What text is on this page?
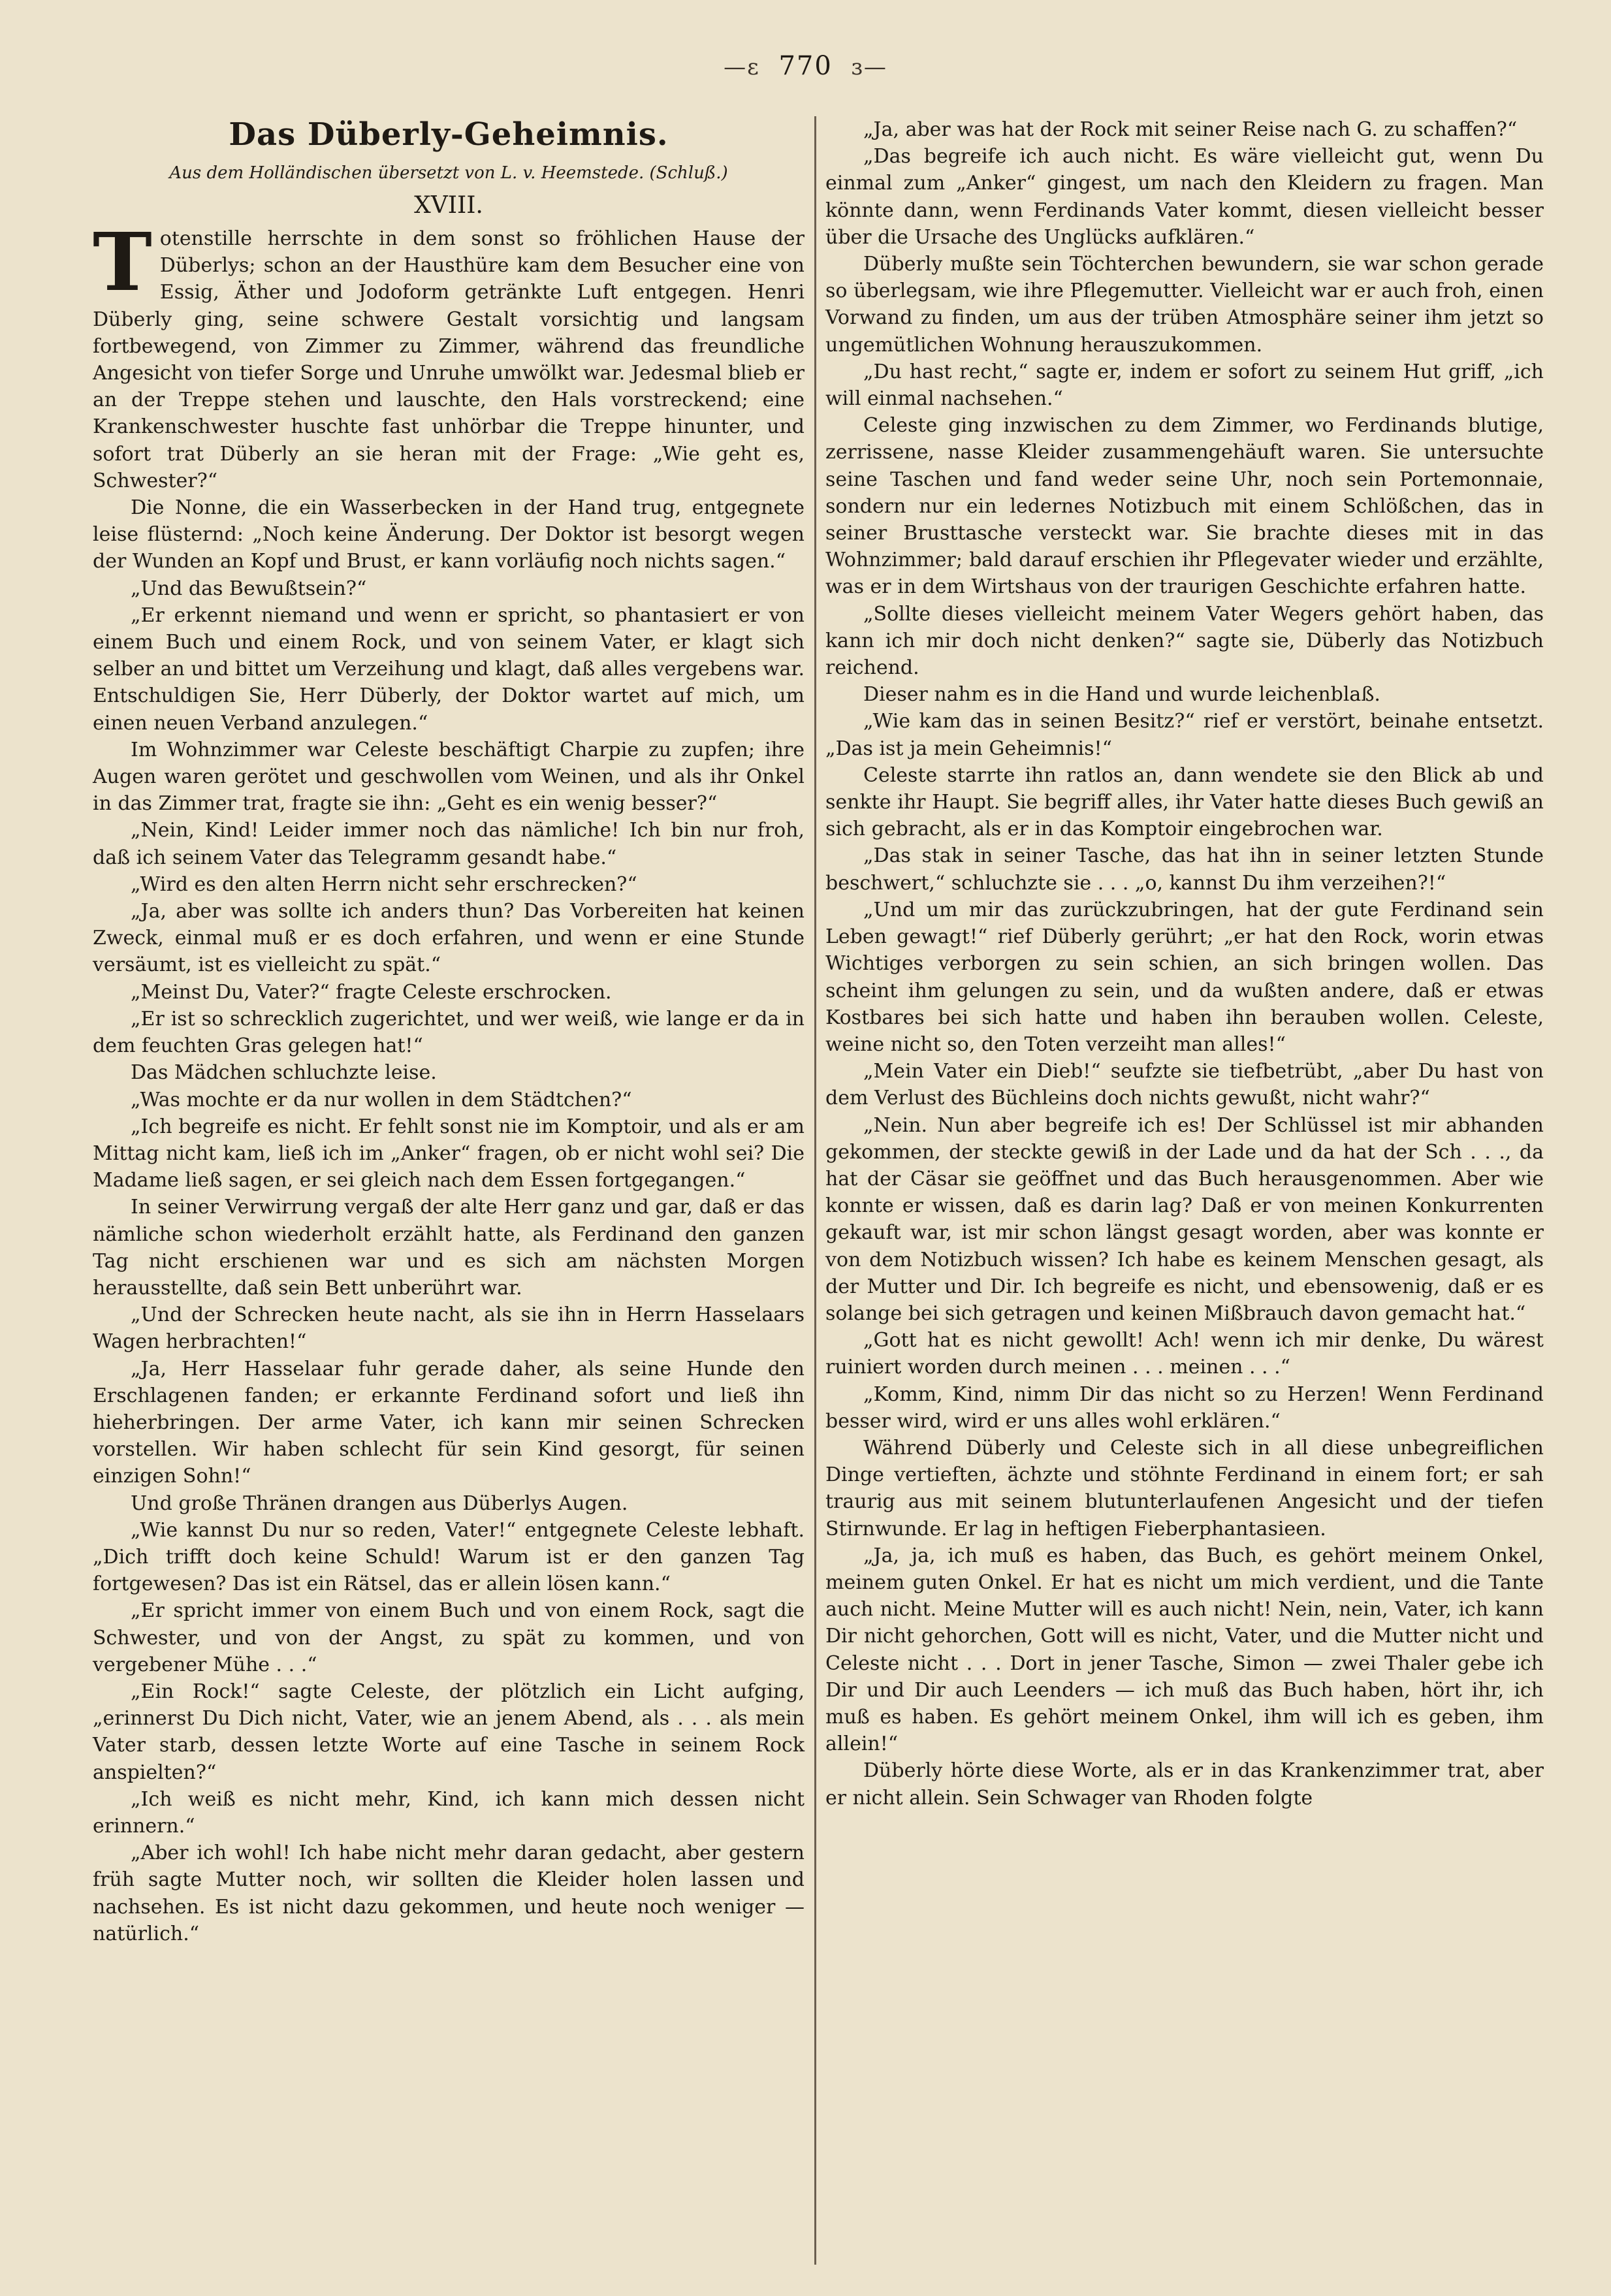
—ε 770 ɜ—
Das Düberly-Geheimnis.
Aus dem Holländischen übersetzt von L. v. Heemstede. (Schluß.)
XVIII.

Totenstille herrschte in dem sonst so fröhlichen Hause der Düberlys; schon an der Hausthüre kam dem Besucher eine von Essig, Äther und Jodoform getränkte Luft entgegen. Henri Düberly ging, seine schwere Gestalt vorsichtig und langsam fortbewegend, von Zimmer zu Zimmer, während das freundliche Angesicht von tiefer Sorge und Unruhe umwölkt war. Jedesmal blieb er an der Treppe stehen und lauschte, den Hals vorstreckend; eine Krankenschwester huschte fast unhörbar die Treppe hinunter, und sofort trat Düberly an sie heran mit der Frage: „Wie geht es, Schwester?“

Die Nonne, die ein Wasserbecken in der Hand trug, entgegnete leise flüsternd: „Noch keine Änderung. Der Doktor ist besorgt wegen der Wunden an Kopf und Brust, er kann vorläufig noch nichts sagen.“

„Und das Bewußtsein?“

„Er erkennt niemand und wenn er spricht, so phantasiert er von einem Buch und einem Rock, und von seinem Vater, er klagt sich selber an und bittet um Verzeihung und klagt, daß alles vergebens war. Entschuldigen Sie, Herr Düberly, der Doktor wartet auf mich, um einen neuen Verband anzulegen.“

Im Wohnzimmer war Celeste beschäftigt Charpie zu zupfen; ihre Augen waren gerötet und geschwollen vom Weinen, und als ihr Onkel in das Zimmer trat, fragte sie ihn: „Geht es ein wenig besser?“

„Nein, Kind! Leider immer noch das nämliche! Ich bin nur froh, daß ich seinem Vater das Telegramm gesandt habe.“

„Wird es den alten Herrn nicht sehr erschrecken?“

„Ja, aber was sollte ich anders thun? Das Vorbereiten hat keinen Zweck, einmal muß er es doch erfahren, und wenn er eine Stunde versäumt, ist es vielleicht zu spät.“

„Meinst Du, Vater?“ fragte Celeste erschrocken.

„Er ist so schrecklich zugerichtet, und wer weiß, wie lange er da in dem feuchten Gras gelegen hat!“

Das Mädchen schluchzte leise.

„Was mochte er da nur wollen in dem Städtchen?“

„Ich begreife es nicht. Er fehlt sonst nie im Komptoir, und als er am Mittag nicht kam, ließ ich im „Anker“ fragen, ob er nicht wohl sei? Die Madame ließ sagen, er sei gleich nach dem Essen fortgegangen.“

In seiner Verwirrung vergaß der alte Herr ganz und gar, daß er das nämliche schon wiederholt erzählt hatte, als Ferdinand den ganzen Tag nicht erschienen war und es sich am nächsten Morgen herausstellte, daß sein Bett unberührt war.

„Und der Schrecken heute nacht, als sie ihn in Herrn Hasselaars Wagen herbrachten!“

„Ja, Herr Hasselaar fuhr gerade daher, als seine Hunde den Erschlagenen fanden; er erkannte Ferdinand sofort und ließ ihn hieherbringen. Der arme Vater, ich kann mir seinen Schrecken vorstellen. Wir haben schlecht für sein Kind gesorgt, für seinen einzigen Sohn!“

Und große Thränen drangen aus Düberlys Augen.

„Wie kannst Du nur so reden, Vater!“ entgegnete Celeste lebhaft. „Dich trifft doch keine Schuld! Warum ist er den ganzen Tag fortgewesen? Das ist ein Rätsel, das er allein lösen kann.“

„Er spricht immer von einem Buch und von einem Rock, sagt die Schwester, und von der Angst, zu spät zu kommen, und von vergebener Mühe . . .“

„Ein Rock!“ sagte Celeste, der plötzlich ein Licht aufging, „erinnerst Du Dich nicht, Vater, wie an jenem Abend, als . . . als mein Vater starb, dessen letzte Worte auf eine Tasche in seinem Rock anspielten?“

„Ich weiß es nicht mehr, Kind, ich kann mich dessen nicht erinnern.“

„Aber ich wohl! Ich habe nicht mehr daran gedacht, aber gestern früh sagte Mutter noch, wir sollten die Kleider holen lassen und nachsehen. Es ist nicht dazu gekommen, und heute noch weniger — natürlich.“

„Ja, aber was hat der Rock mit seiner Reise nach G. zu schaffen?“

„Das begreife ich auch nicht. Es wäre vielleicht gut, wenn Du einmal zum „Anker“ gingest, um nach den Kleidern zu fragen. Man könnte dann, wenn Ferdinands Vater kommt, diesen vielleicht besser über die Ursache des Unglücks aufklären.“

Düberly mußte sein Töchterchen bewundern, sie war schon gerade so überlegsam, wie ihre Pflegemutter. Vielleicht war er auch froh, einen Vorwand zu finden, um aus der trüben Atmosphäre seiner ihm jetzt so ungemütlichen Wohnung herauszukommen.

„Du hast recht,“ sagte er, indem er sofort zu seinem Hut griff, „ich will einmal nachsehen.“

Celeste ging inzwischen zu dem Zimmer, wo Ferdinands blutige, zerrissene, nasse Kleider zusammengehäuft waren. Sie untersuchte seine Taschen und fand weder seine Uhr, noch sein Portemonnaie, sondern nur ein ledernes Notizbuch mit einem Schlößchen, das in seiner Brusttasche versteckt war. Sie brachte dieses mit in das Wohnzimmer; bald darauf erschien ihr Pflegevater wieder und erzählte, was er in dem Wirtshaus von der traurigen Geschichte erfahren hatte.

„Sollte dieses vielleicht meinem Vater Wegers gehört haben, das kann ich mir doch nicht denken?“ sagte sie, Düberly das Notizbuch reichend.

Dieser nahm es in die Hand und wurde leichenblaß.

„Wie kam das in seinen Besitz?“ rief er verstört, beinahe entsetzt. „Das ist ja mein Geheimnis!“

Celeste starrte ihn ratlos an, dann wendete sie den Blick ab und senkte ihr Haupt. Sie begriff alles, ihr Vater hatte dieses Buch gewiß an sich gebracht, als er in das Komptoir eingebrochen war.

„Das stak in seiner Tasche, das hat ihn in seiner letzten Stunde beschwert,“ schluchzte sie . . . „o, kannst Du ihm verzeihen?!“

„Und um mir das zurückzubringen, hat der gute Ferdinand sein Leben gewagt!“ rief Düberly gerührt; „er hat den Rock, worin etwas Wichtiges verborgen zu sein schien, an sich bringen wollen. Das scheint ihm gelungen zu sein, und da wußten andere, daß er etwas Kostbares bei sich hatte und haben ihn berauben wollen. Celeste, weine nicht so, den Toten verzeiht man alles!“

„Mein Vater ein Dieb!“ seufzte sie tiefbetrübt, „aber Du hast von dem Verlust des Büchleins doch nichts gewußt, nicht wahr?“

„Nein. Nun aber begreife ich es! Der Schlüssel ist mir abhanden gekommen, der steckte gewiß in der Lade und da hat der Sch . . ., da hat der Cäsar sie geöffnet und das Buch herausgenommen. Aber wie konnte er wissen, daß es darin lag? Daß er von meinen Konkurrenten gekauft war, ist mir schon längst gesagt worden, aber was konnte er von dem Notizbuch wissen? Ich habe es keinem Menschen gesagt, als der Mutter und Dir. Ich begreife es nicht, und ebensowenig, daß er es solange bei sich getragen und keinen Mißbrauch davon gemacht hat.“

„Gott hat es nicht gewollt! Ach! wenn ich mir denke, Du wärest ruiniert worden durch meinen . . . meinen . . .“

„Komm, Kind, nimm Dir das nicht so zu Herzen! Wenn Ferdinand besser wird, wird er uns alles wohl erklären.“

Während Düberly und Celeste sich in all diese unbegreiflichen Dinge vertieften, ächzte und stöhnte Ferdinand in einem fort; er sah traurig aus mit seinem blutunterlaufenen Angesicht und der tiefen Stirnwunde. Er lag in heftigen Fieberphantasieen.

„Ja, ja, ich muß es haben, das Buch, es gehört meinem Onkel, meinem guten Onkel. Er hat es nicht um mich verdient, und die Tante auch nicht. Meine Mutter will es auch nicht! Nein, nein, Vater, ich kann Dir nicht gehorchen, Gott will es nicht, Vater, und die Mutter nicht und Celeste nicht . . . Dort in jener Tasche, Simon — zwei Thaler gebe ich Dir und Dir auch Leenders — ich muß das Buch haben, hört ihr, ich muß es haben. Es gehört meinem Onkel, ihm will ich es geben, ihm allein!“

Düberly hörte diese Worte, als er in das Krankenzimmer trat, aber er nicht allein. Sein Schwager van Rhoden folgte
